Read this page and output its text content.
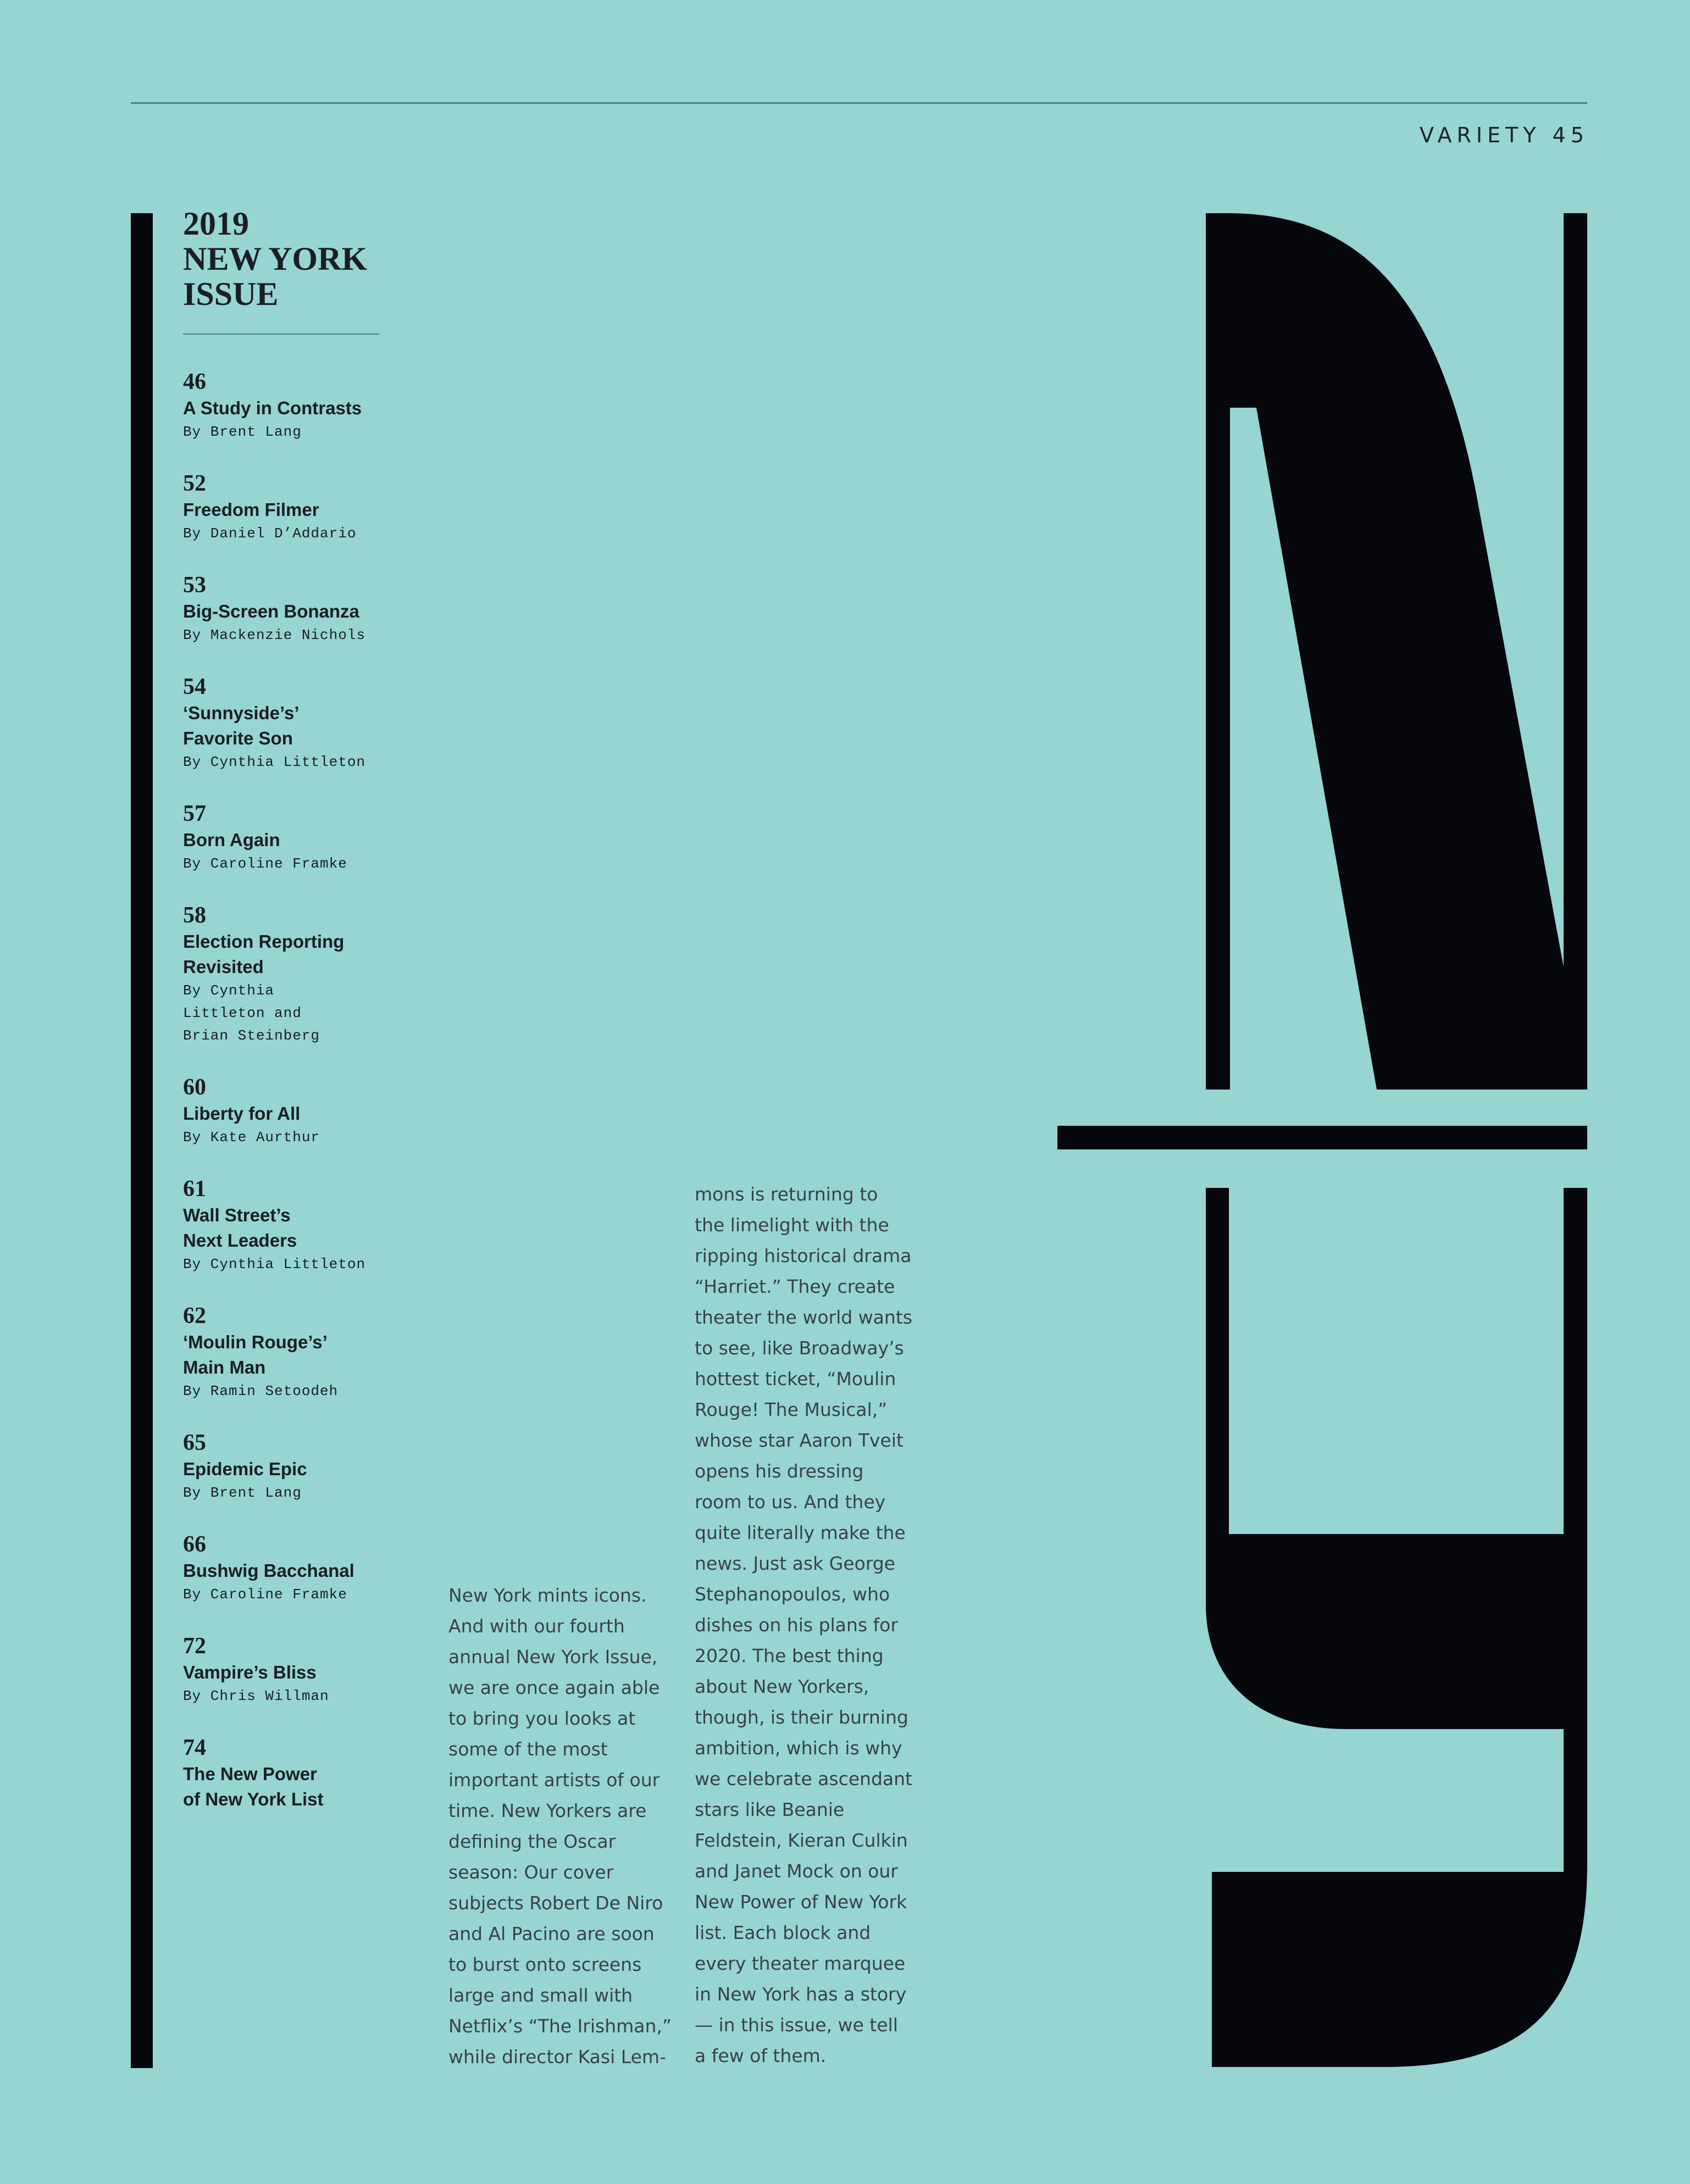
VARIETY 45
2019
NEW YORK
ISSUE
46
A Study in Contrasts
By Brent Lang
52
Freedom Filmer
By Daniel D’Addario
53
Big-Screen Bonanza
By Mackenzie Nichols
54
‘Sunnyside’s’
Favorite Son
By Cynthia Littleton
57
Born Again
By Caroline Framke
58
Election Reporting
Revisited
By Cynthia
Littleton and
Brian Steinberg
60
Liberty for All
By Kate Aurthur
61
Wall Street’s
Next Leaders
By Cynthia Littleton
62
‘Moulin Rouge’s’
Main Man
By Ramin Setoodeh
65
Epidemic Epic
By Brent Lang
66
Bushwig Bacchanal
By Caroline Framke
72
Vampire’s Bliss
By Chris Willman
74
The New Power
of New York List

New York mints icons.

And with our fourth

annual New York Issue,

we are once again able

to bring you looks at

some of the most

important artists of our

time. New Yorkers are

defining the Oscar

season: Our cover

subjects Robert De Niro

and Al Pacino are soon

to burst onto screens

large and small with

Netflix’s “The Irishman,”

while director Kasi Lem-

mons is returning to

the limelight with the

ripping historical drama

“Harriet.” They create

theater the world wants

to see, like Broadway’s

hottest ticket, “Moulin

Rouge! The Musical,”

whose star Aaron Tveit

opens his dressing

room to us. And they

quite literally make the

news. Just ask George

Stephanopoulos, who

dishes on his plans for

2020. The best thing

about New Yorkers,

though, is their burning

ambition, which is why

we celebrate ascendant

stars like Beanie

Feldstein, Kieran Culkin

and Janet Mock on our

New Power of New York

list. Each block and

every theater marquee

in New York has a story

— in this issue, we tell

a few of them.
